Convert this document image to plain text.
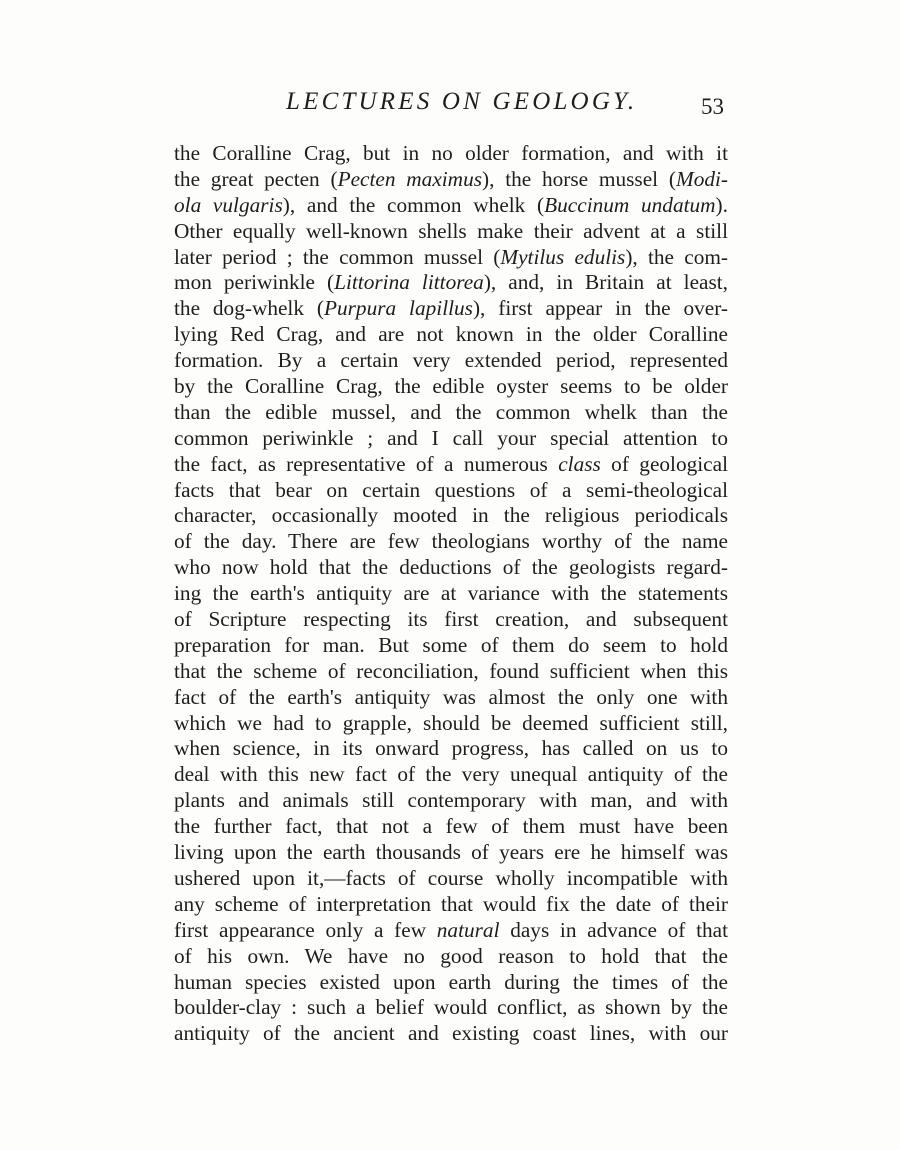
LECTURES ON GEOLOGY.	53
the Coralline Crag, but in no older formation, and with it
the great pecten (Pecten maximus), the horse mussel (Modi-
ola vulgaris), and the common whelk (Buccinum undatum).
Other equally well-known shells make their advent at a still
later period ; the common mussel (Mytilus edulis), the com-
mon periwinkle (Littorina littorea), and, in Britain at least,
the dog-whelk (Purpura lapillus), first appear in the over-
lying Red Crag, and are not known in the older Coralline
formation. By a certain very extended period, represented
by the Coralline Crag, the edible oyster seems to be older
than the edible mussel, and the common whelk than the
common periwinkle ; and I call your special attention to
the fact, as representative of a numerous class of geological
facts that bear on certain questions of a semi-theological
character, occasionally mooted in the religious periodicals
of the day. There are few theologians worthy of the name
who now hold that the deductions of the geologists regard-
ing the earth's antiquity are at variance with the statements
of Scripture respecting its first creation, and subsequent
preparation for man. But some of them do seem to hold
that the scheme of reconciliation, found sufficient when this
fact of the earth's antiquity was almost the only one with
which we had to grapple, should be deemed sufficient still,
when science, in its onward progress, has called on us to
deal with this new fact of the very unequal antiquity of the
plants and animals still contemporary with man, and with
the further fact, that not a few of them must have been
living upon the earth thousands of years ere he himself was
ushered upon it,—facts of course wholly incompatible with
any scheme of interpretation that would fix the date of their
first appearance only a few natural days in advance of that
of his own. We have no good reason to hold that the
human species existed upon earth during the times of the
boulder-clay : such a belief would conflict, as shown by the
antiquity of the ancient and existing coast lines, with our
